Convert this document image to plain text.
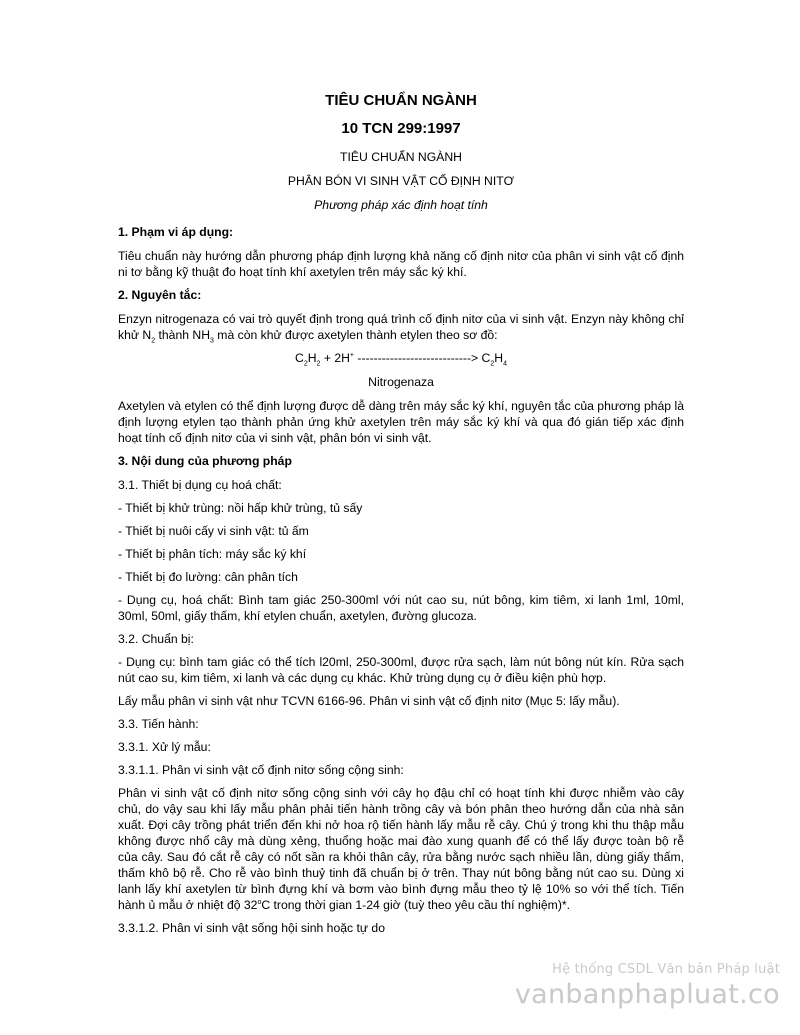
TIÊU CHUẨN NGÀNH
10 TCN 299:1997
TIÊU CHUẨN NGÀNH
PHÂN BÓN VI SINH VẬT CỐ ĐỊNH NITƠ
Phương pháp xác định hoạt tính
1. Phạm vi áp dụng:

Tiêu chuẩn này hướng dẫn phương pháp định lượng khả năng cố định nitơ của phân vi sinh vật cố định ni tơ bằng kỹ thuật đo hoạt tính khí axetylen trên máy sắc ký khí.

2. Nguyên tắc:

Enzyn nitrogenaza có vai trò quyết định trong quá trình cố định nitơ của vi sinh vật. Enzyn này không chỉ khử $N_2$ thành $NH_3$ mà còn khử được axetylen thành etylen theo sơ đồ:

$C_2H_2 + 2H^+$ ----------------------------> $C_2H_4$
Nitrogenaza

Axetylen và etylen có thể định lượng được dễ dàng trên máy sắc ký khí, nguyên tắc của phương pháp là định lượng etylen tạo thành phản ứng khử axetylen trên máy sắc ký khí và qua đó gián tiếp xác định hoạt tính cố định nitơ của vi sinh vật, phân bón vi sinh vật.

3. Nội dung của phương pháp

3.1. Thiết bị dụng cụ hoá chất:

- Thiết bị khử trùng: nồi hấp khử trùng, tủ sấy

- Thiết bị nuôi cấy vi sinh vật: tủ ấm

- Thiết bị phân tích: máy sắc ký khí

- Thiết bị đo lường: cân phân tích

- Dụng cụ, hoá chất: Bình tam giác 250-300ml với nút cao su, nút bông, kim tiêm, xi lanh 1ml, 10ml, 30ml, 50ml, giấy thấm, khí etylen chuẩn, axetylen, đường glucoza.

3.2. Chuẩn bị:

- Dụng cụ: bình tam giác có thể tích l20ml, 250-300ml, được rửa sạch, làm nút bông nút kín. Rửa sạch nút cao su, kim tiêm, xi lanh và các dụng cụ khác. Khử trùng dụng cụ ở điều kiện phù hợp.

Lấy mẫu phân vi sinh vật như TCVN 6166-96. Phân vi sinh vật cố định nitơ (Mục 5: lấy mẫu).

3.3. Tiến hành:

3.3.1. Xử lý mẫu:

3.3.1.1. Phân vi sinh vật cố định nitơ sống cộng sinh:

Phân vi sinh vật cố định nitơ sống cộng sinh với cây họ đậu chỉ có hoạt tính khi được nhiễm vào cây chủ, do vậy sau khi lấy mẫu phân phải tiến hành trồng cây và bón phân theo hướng dẫn của nhà sản xuất. Đợi cây trồng phát triển đến khi nở hoa rộ tiến hành lấy mẫu rễ cây. Chú ý trong khi thu thập mẫu không được nhổ cây mà dùng xẻng, thuổng hoặc mai đào xung quanh để có thể lấy được toàn bộ rễ của cây. Sau đó cắt rễ cây có nốt sần ra khỏi thân cây, rửa bằng nước sạch nhiều lần, dùng giấy thấm, thấm khô bộ rễ. Cho rễ vào bình thuỷ tinh đã chuẩn bị ở trên. Thay nút bông bằng nút cao su. Dùng xi lanh lấy khí axetylen từ bình đựng khí và bơm vào bình đựng mẫu theo tỷ lệ 10% so với thể tích. Tiến hành ủ mẫu ở nhiệt độ 32$^o$C trong thời gian 1-24 giờ (tuỳ theo yêu cầu thí nghiệm)*.

3.3.1.2. Phân vi sinh vật sống hội sinh hoặc tự do

Hệ thống CSDL Văn bản Pháp luật
vanbanphapluat.co
